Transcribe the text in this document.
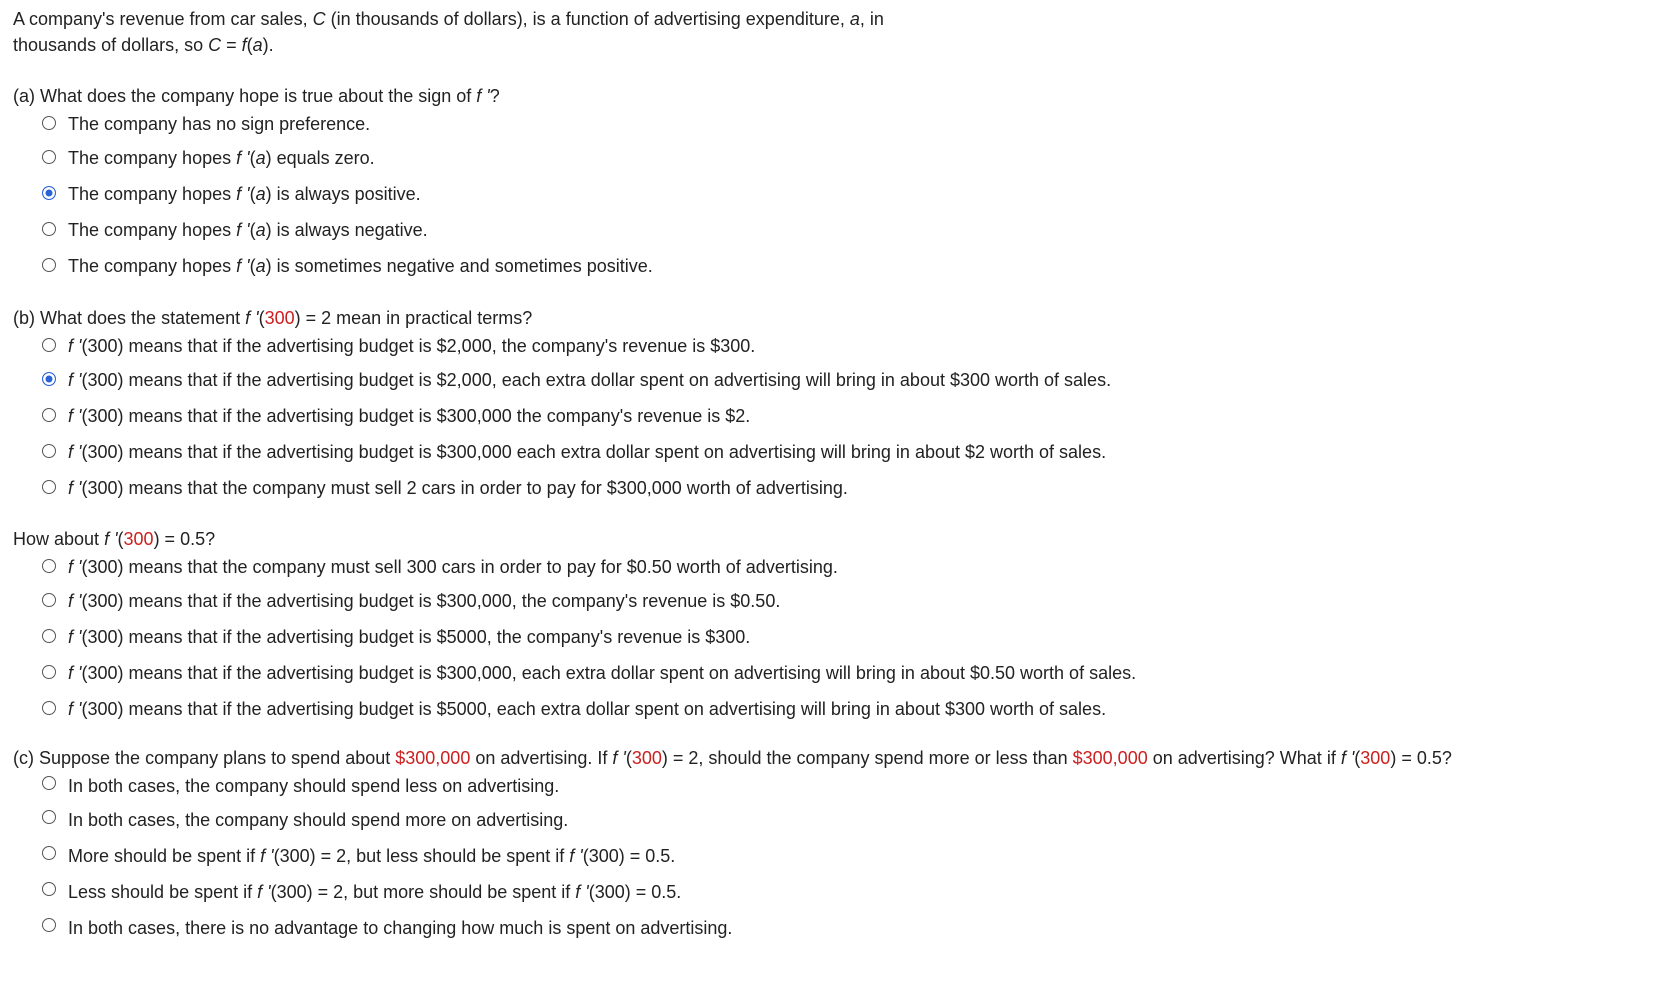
A company's revenue from car sales, C (in thousands of dollars), is a function of advertising expenditure, a, in
thousands of dollars, so C = f(a).
(a) What does the company hope is true about the sign of f '?
The company has no sign preference.
The company hopes f '(a) equals zero.
The company hopes f '(a) is always positive.
The company hopes f '(a) is always negative.
The company hopes f '(a) is sometimes negative and sometimes positive.
(b) What does the statement f '(300) = 2 mean in practical terms?
f '(300) means that if the advertising budget is $2,000, the company's revenue is $300.
f '(300) means that if the advertising budget is $2,000, each extra dollar spent on advertising will bring in about $300 worth of sales.
f '(300) means that if the advertising budget is $300,000 the company's revenue is $2.
f '(300) means that if the advertising budget is $300,000 each extra dollar spent on advertising will bring in about $2 worth of sales.
f '(300) means that the company must sell 2 cars in order to pay for $300,000 worth of advertising.
How about f '(300) = 0.5?
f '(300) means that the company must sell 300 cars in order to pay for $0.50 worth of advertising.
f '(300) means that if the advertising budget is $300,000, the company's revenue is $0.50.
f '(300) means that if the advertising budget is $5000, the company's revenue is $300.
f '(300) means that if the advertising budget is $300,000, each extra dollar spent on advertising will bring in about $0.50 worth of sales.
f '(300) means that if the advertising budget is $5000, each extra dollar spent on advertising will bring in about $300 worth of sales.
(c) Suppose the company plans to spend about $300,000 on advertising. If f '(300) = 2, should the company spend more or less than $300,000 on advertising? What if f '(300) = 0.5?
In both cases, the company should spend less on advertising.
In both cases, the company should spend more on advertising.
More should be spent if f '(300) = 2, but less should be spent if f '(300) = 0.5.
Less should be spent if f '(300) = 2, but more should be spent if f '(300) = 0.5.
In both cases, there is no advantage to changing how much is spent on advertising.
